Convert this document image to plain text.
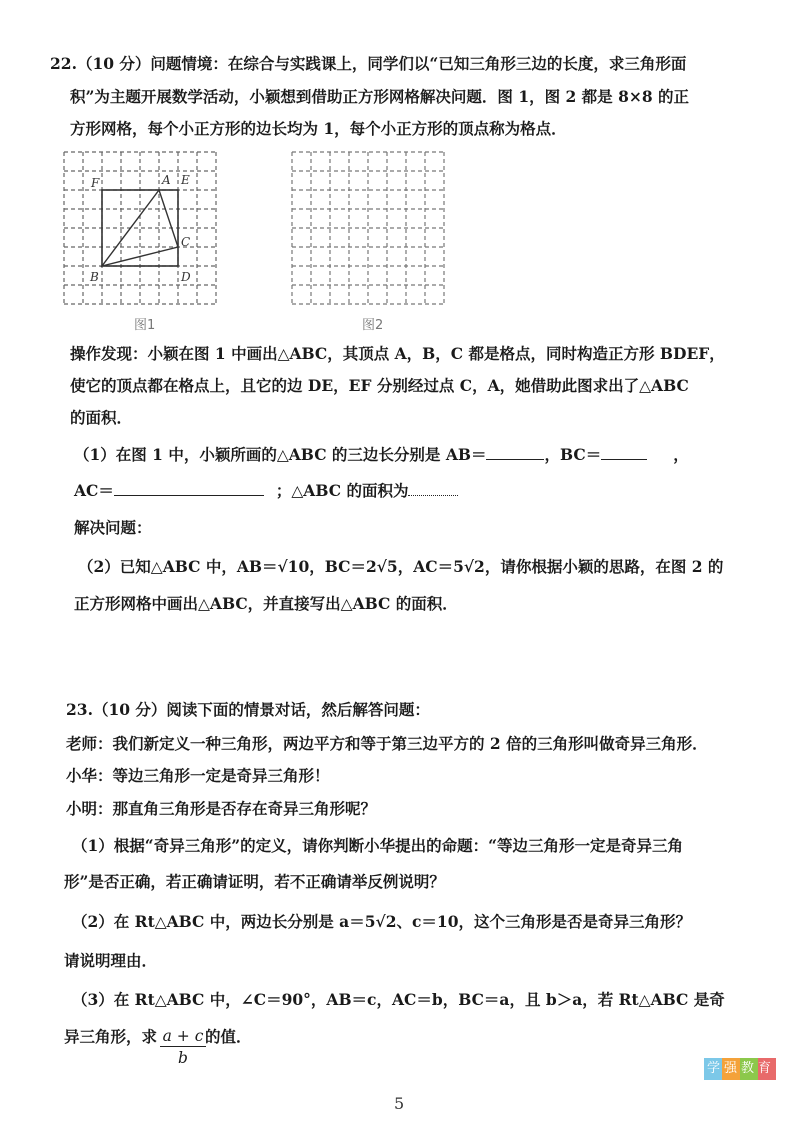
22.（10 分）问题情境：在综合与实践课上，同学们以“已知三角形三边的长度，求三角形面
积”为主题开展数学活动，小颖想到借助正方形网格解决问题．图 1，图 2 都是 8×8 的正
方形网格，每个小正方形的边长均为 1，每个小正方形的顶点称为格点．
F	A E
C
B	D
图1	图2
操作发现：小颖在图 1 中画出△ABC，其顶点 A，B，C 都是格点，同时构造正方形 BDEF，
使它的顶点都在格点上，且它的边 DE，EF 分别经过点 C，A，她借助此图求出了△ABC
的面积．
（1）在图 1 中，小颖所画的△ABC 的三边长分别是 AB＝	，BC＝	，
AC＝	；△ABC 的面积为
解决问题：
（2）已知△ABC 中，AB＝√10，BC＝2√5，AC＝5√2，请你根据小颖的思路，在图 2 的
正方形网格中画出△ABC，并直接写出△ABC 的面积．
23.（10 分）阅读下面的情景对话，然后解答问题：
老师：我们新定义一种三角形，两边平方和等于第三边平方的 2 倍的三角形叫做奇异三角形．
小华：等边三角形一定是奇异三角形！
小明：那直角三角形是否存在奇异三角形呢？
（1）根据“奇异三角形”的定义，请你判断小华提出的命题：“等边三角形一定是奇异三角
形”是否正确，若正确请证明，若不正确请举反例说明？
（2）在 Rt△ABC 中，两边长分别是 a＝5√2、c＝10，这个三角形是否是奇异三角形？
请说明理由．
（3）在 Rt△ABC 中，∠C＝90°，AB＝c，AC＝b，BC＝a，且 b＞a，若 Rt△ABC 是奇
异三角形，求	的值．
$\frac{a + c}{b}$	学强教育
5
